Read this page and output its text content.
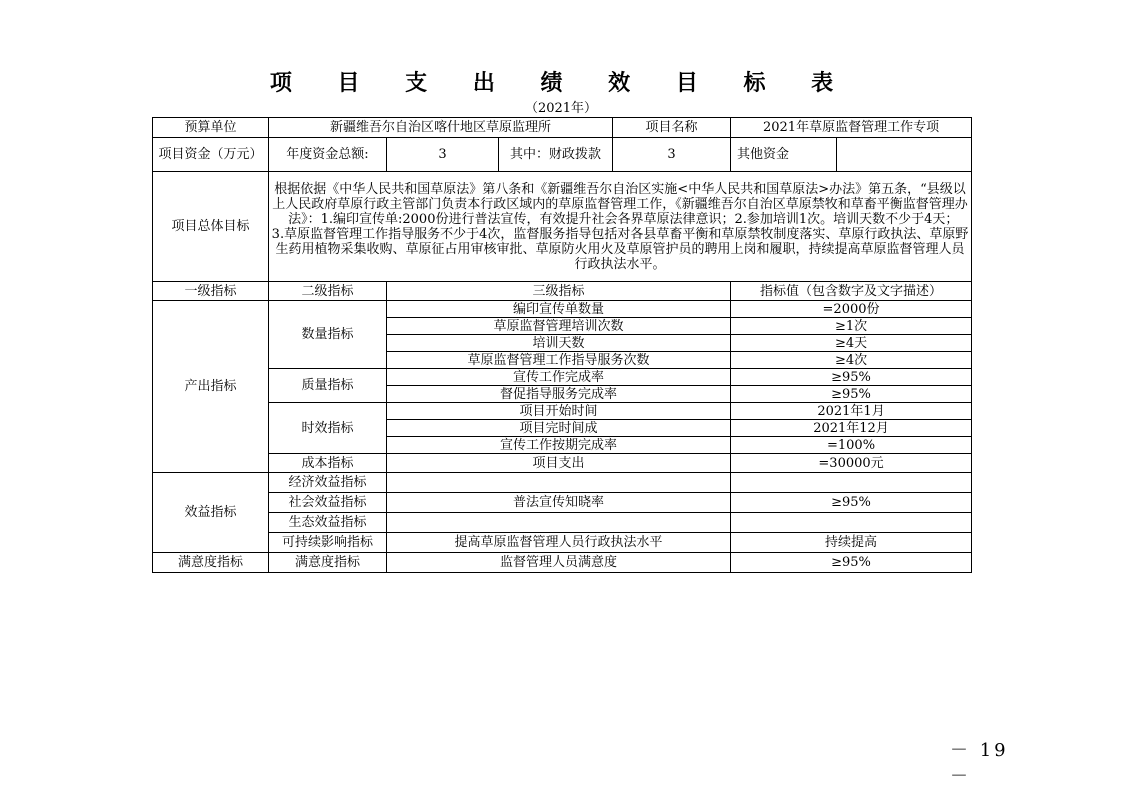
项 目 支 出 绩 效 目 标 表
（2021年）
预算单位	新疆维吾尔自治区喀什地区草原监理所			项目名称	2021年草原监督管理工作专项	
项目资金（万元）	年度资金总额:	3	其中：财政拨款	3	其他资金	
项目总体目标	根据依据《中华人民共和国草原法》第八条和《新疆维吾尔自治区实施<中华人民共和国草原法>办法》第五条，“县级以上人民政府草原行政主管部门负责本行政区域内的草原监督管理工作，《新疆维吾尔自治区草原禁牧和草畜平衡监督管理办法》：1.编印宣传单:2000份进行普法宣传，有效提升社会各界草原法律意识；2.参加培训1次。培训天数不少于4天；　　　　　　　　　　　3.草原监督管理工作指导服务不少于4次，监督服务指导包括对各县草畜平衡和草原禁牧制度落实、草原行政执法、草原野生药用植物采集收购、草原征占用审核审批、草原防火用火及草原管护员的聘用上岗和履职，持续提高草原监督管理人员行政执法水平。					
一级指标	二级指标	三级指标			指标值（包含数字及文字描述）	
产出指标	数量指标	编印宣传单数量			=2000份	
		草原监督管理培训次数			≥1次	
		培训天数			≥4天	
		草原监督管理工作指导服务次数			≥4次	
	质量指标	宣传工作完成率			≥95%	
		督促指导服务完成率			≥95%	
	时效指标	项目开始时间			2021年1月	
		项目完时间成			2021年12月	
		宣传工作按期完成率			=100%	
	成本指标	项目支出			=30000元	
效益指标	经济效益指标					
	社会效益指标	普法宣传知晓率			≥95%	
	生态效益指标					
	可持续影响指标	提高草原监督管理人员行政执法水平			持续提高	
满意度指标	满意度指标	监督管理人员满意度			≥95%	
－ 19 －
